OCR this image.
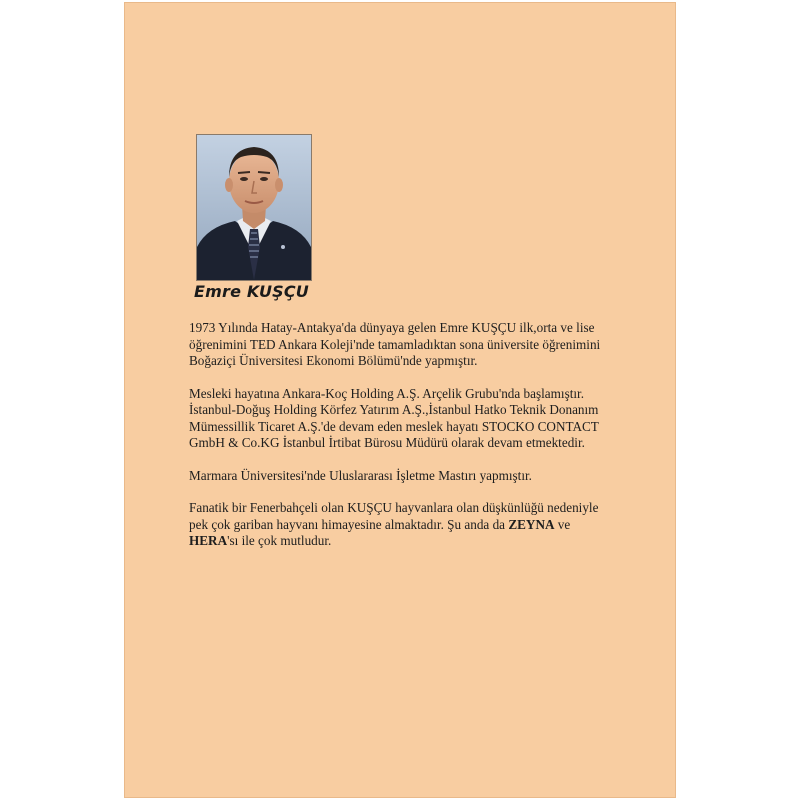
Emre KUŞÇU

1973 Yılında Hatay-Antakya'da dünyaya gelen Emre KUŞÇU ilk,orta ve lise
öğrenimini TED Ankara Koleji'nde tamamladıktan sona üniversite öğrenimini
Boğaziçi Üniversitesi Ekonomi Bölümü'nde yapmıştır.

Mesleki hayatına Ankara-Koç Holding A.Ş. Arçelik Grubu'nda başlamıştır.
İstanbul-Doğuş Holding Körfez Yatırım A.Ş.,İstanbul Hatko Teknik Donanım
Mümessillik Ticaret A.Ş.'de devam eden meslek hayatı STOCKO CONTACT
GmbH & Co.KG İstanbul İrtibat Bürosu Müdürü olarak devam etmektedir.

Marmara Üniversitesi'nde Uluslararası İşletme Mastırı yapmıştır.

Fanatik bir Fenerbahçeli olan KUŞÇU hayvanlara olan düşkünlüğü nedeniyle
pek çok gariban hayvanı himayesine almaktadır. Şu anda da ZEYNA ve
HERA'sı ile çok mutludur.
